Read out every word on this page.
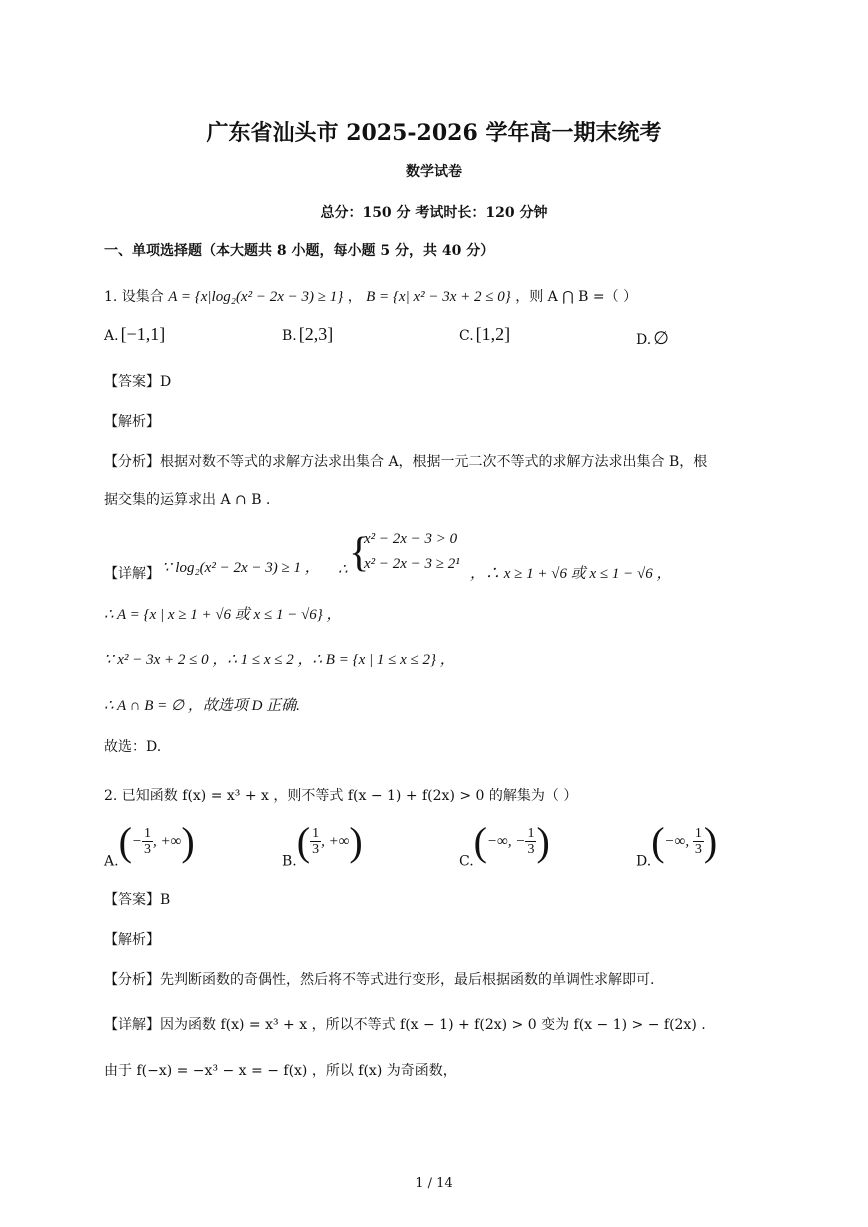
广东省汕头市 2025-2026 学年高一期末统考
数学试卷
总分：150 分 考试时长：120 分钟
一、单项选择题（本大题共 8 小题，每小题 5 分，共 40 分）
1. 设集合 A = {x|log₂(x² − 2x − 3) ≥ 1} ， B = {x| x² − 3x + 2 ≤ 0} ，则 A ⋂ B =（ ）
A. [−1,1]	B. [2,3]	C. [1,2]	D. ∅
【答案】D
【解析】
【分析】根据对数不等式的求解方法求出集合 A，根据一元二次不等式的求解方法求出集合 B，根
据交集的运算求出 A ∩ B .
【详解】 ∵ log₂(x² − 2x − 3) ≥ 1 ， ∴ {
x² − 2x − 3 > 0
x² − 2x − 3 ≥ 2¹
，∴ x ≥ 1 + √6 或 x ≤ 1 − √6 ，
∴ A = {x | x ≥ 1 + √6 或 x ≤ 1 − √6} ，
∵ x² − 3x + 2 ≤ 0 ，∴ 1 ≤ x ≤ 2 ，∴ B = {x | 1 ≤ x ≤ 2} ，
∴ A ∩ B = ∅ ，故选项 D 正确.
故选：D.
2. 已知函数 f(x) = x³ + x ，则不等式 f(x − 1) + f(2x) > 0 的解集为（ ）
$A.(- \frac{1}{3}$ , +∞)	$B.( \frac{1}{3}$ , +∞)	C.(−∞, − $\frac{1}{3}$ )	D.(−∞, $\frac{1}{3}$ )
【答案】B
【解析】
【分析】先判断函数的奇偶性，然后将不等式进行变形，最后根据函数的单调性求解即可.
【详解】因为函数 f(x) = x³ + x ，所以不等式 f(x − 1) + f(2x) > 0 变为 f(x − 1) > − f(2x) .
由于 f(−x) = −x³ − x = − f(x) ，所以 f(x) 为奇函数，
1 / 14
